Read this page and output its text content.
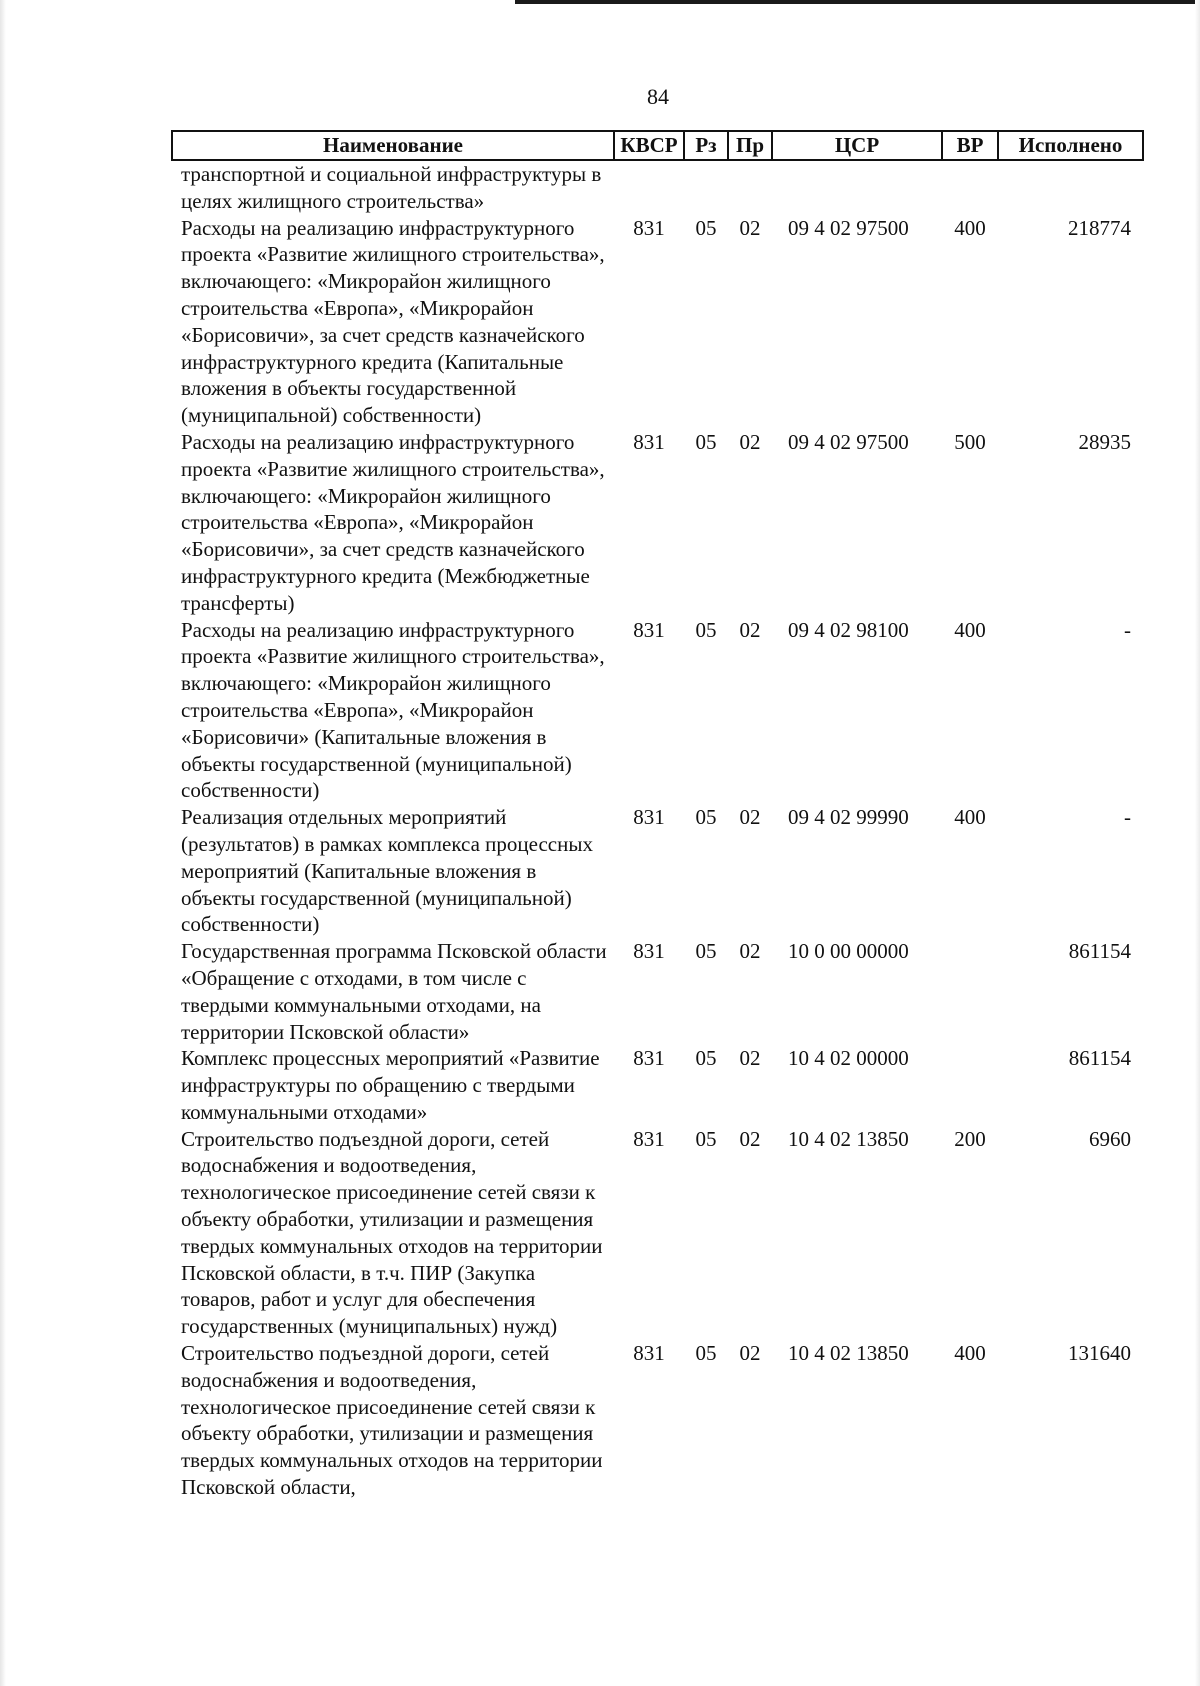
84
Наименование	КВСР	Рз	Пр	ЦСР	ВР	Исполнено
транспортной и социальной инфраструктуры в целях жилищного строительства»						
Расходы на реализацию инфраструктурного проекта «Развитие жилищного строительства», включающего: «Микрорайон жилищного строительства «Европа», «Микрорайон «Борисовичи», за счет средств казначейского инфраструктурного кредита (Капитальные вложения в объекты государственной (муниципальной) собственности)	831	05	02	09 4 02 97500	400	218774
Расходы на реализацию инфраструктурного проекта «Развитие жилищного строительства», включающего: «Микрорайон жилищного строительства «Европа», «Микрорайон «Борисовичи», за счет средств казначейского инфраструктурного кредита (Межбюджетные трансферты)	831	05	02	09 4 02 97500	500	28935
Расходы на реализацию инфраструктурного проекта «Развитие жилищного строительства», включающего: «Микрорайон жилищного строительства «Европа», «Микрорайон «Борисовичи» (Капитальные вложения в объекты государственной (муниципальной) собственности)	831	05	02	09 4 02 98100	400	-
Реализация отдельных мероприятий (результатов) в рамках комплекса процессных мероприятий (Капитальные вложения в объекты государственной (муниципальной) собственности)	831	05	02	09 4 02 99990	400	-
Государственная программа Псковской области «Обращение с отходами, в том числе с твердыми коммунальными отходами, на территории Псковской области»	831	05	02	10 0 00 00000		861154
Комплекс процессных мероприятий «Развитие инфраструктуры по обращению с твердыми коммунальными отходами»	831	05	02	10 4 02 00000		861154
Строительство подъездной дороги, сетей водоснабжения и водоотведения, технологическое присоединение сетей связи к объекту обработки, утилизации и размещения твердых коммунальных отходов на территории Псковской области, в т.ч. ПИР (Закупка товаров, работ и услуг для обеспечения государственных (муниципальных) нужд)	831	05	02	10 4 02 13850	200	6960
Строительство подъездной дороги, сетей водоснабжения и водоотведения, технологическое присоединение сетей связи к объекту обработки, утилизации и размещения твердых коммунальных отходов на территории Псковской области,	831	05	02	10 4 02 13850	400	131640
